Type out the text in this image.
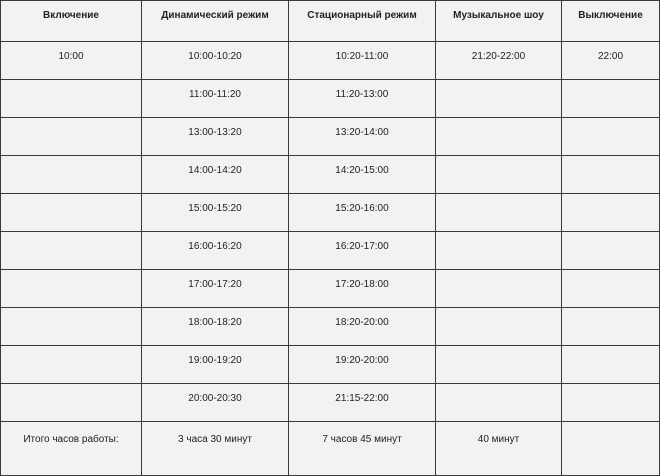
Включение	Динамический режим	Стационарный режим	Музыкальное шоу	Выключение
10:00	10:00-10:20	10:20-11:00	21:20-22:00	22:00
	11:00-11:20	11:20-13:00		
	13:00-13:20	13:20-14:00		
	14:00-14:20	14:20-15:00		
	15:00-15:20	15:20-16:00		
	16:00-16:20	16:20-17:00		
	17:00-17:20	17:20-18:00		
	18:00-18:20	18:20-20:00		
	19:00-19:20	19:20-20:00		
	20:00-20:30	21:15-22:00		
Итого часов работы:	3 часа 30 минут	7 часов 45 минут	40 минут	
